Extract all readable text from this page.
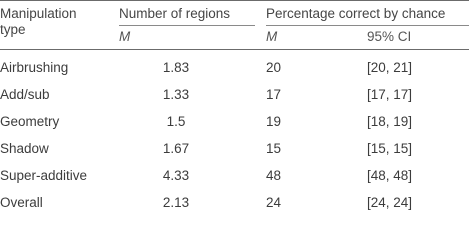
Manipulation
type
Number of regions	Percentage correct by chance
M	M	95% CI
Airbrushing	1.83	20	[20, 21]
Add/sub	1.33	17	[17, 17]
Geometry	1.5	19	[18, 19]
Shadow	1.67	15	[15, 15]
Super-additive	4.33	48	[48, 48]
Overall	2.13	24	[24, 24]
